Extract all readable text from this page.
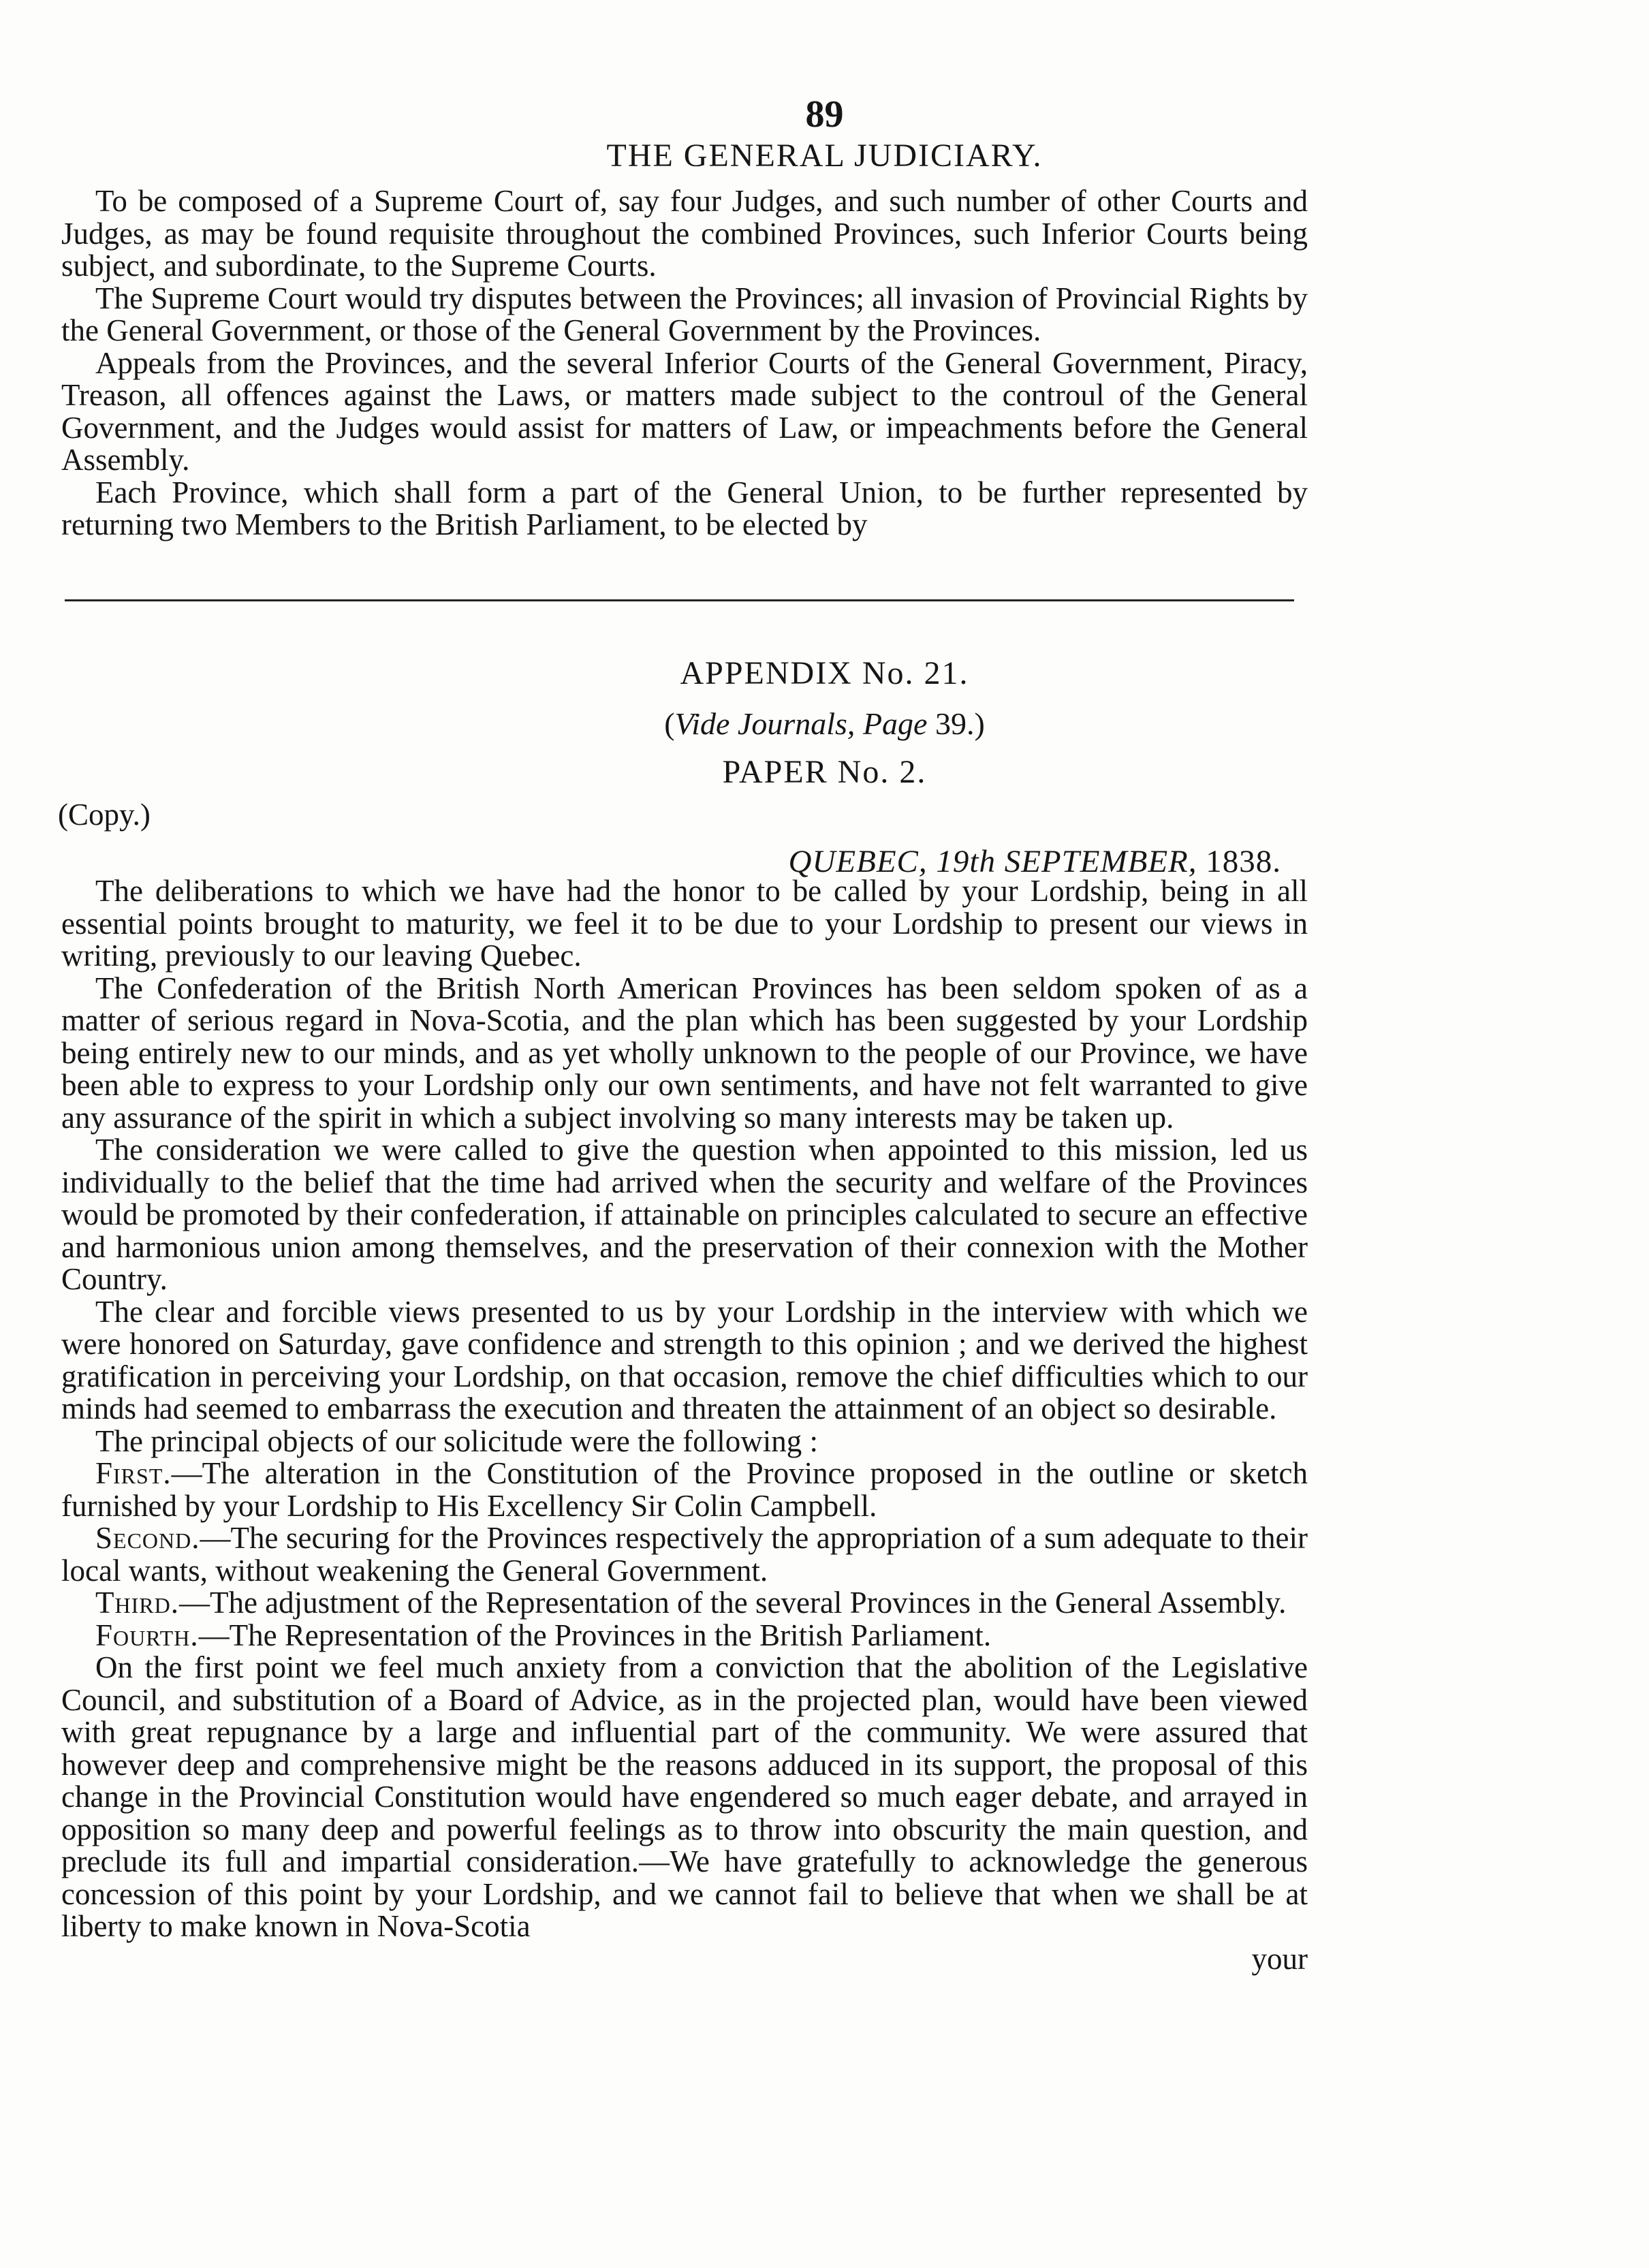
89
THE GENERAL JUDICIARY.

To be composed of a Supreme Court of, say four Judges, and such number of other Courts and Judges, as may be found requisite throughout the combined Provinces, such Inferior Courts being subject, and subordinate, to the Supreme Courts.

The Supreme Court would try disputes between the Provinces; all invasion of Provincial Rights by the General Government, or those of the General Government by the Provinces.

Appeals from the Provinces, and the several Inferior Courts of the General Government, Piracy, Treason, all offences against the Laws, or matters made subject to the controul of the General Government, and the Judges would assist for matters of Law, or impeachments before the General Assembly.

Each Province, which shall form a part of the General Union, to be further represented by returning two Members to the British Parliament, to be elected by

APPENDIX No. 21.
(Vide Journals, Page 39.)
PAPER No. 2.
(Copy.)
QUEBEC, 19th SEPTEMBER, 1838.

The deliberations to which we have had the honor to be called by your Lordship, being in all essential points brought to maturity, we feel it to be due to your Lordship to present our views in writing, previously to our leaving Quebec.

The Confederation of the British North American Provinces has been seldom spoken of as a matter of serious regard in Nova-Scotia, and the plan which has been suggested by your Lordship being entirely new to our minds, and as yet wholly unknown to the people of our Province, we have been able to express to your Lordship only our own sentiments, and have not felt warranted to give any assurance of the spirit in which a subject involving so many interests may be taken up.

The consideration we were called to give the question when appointed to this mission, led us individually to the belief that the time had arrived when the security and welfare of the Provinces would be promoted by their confederation, if attainable on principles calculated to secure an effective and harmonious union among themselves, and the preservation of their connexion with the Mother Country.

The clear and forcible views presented to us by your Lordship in the interview with which we were honored on Saturday, gave confidence and strength to this opinion ; and we derived the highest gratification in perceiving your Lordship, on that occasion, remove the chief difficulties which to our minds had seemed to embarrass the execution and threaten the attainment of an object so desirable.

The principal objects of our solicitude were the following :

First.—The alteration in the Constitution of the Province proposed in the outline or sketch furnished by your Lordship to His Excellency Sir Colin Campbell.

Second.—The securing for the Provinces respectively the appropriation of a sum adequate to their local wants, without weakening the General Government.

Third.—The adjustment of the Representation of the several Provinces in the General Assembly.

Fourth.—The Representation of the Provinces in the British Parliament.

On the first point we feel much anxiety from a conviction that the abolition of the Legislative Council, and substitution of a Board of Advice, as in the projected plan, would have been viewed with great repugnance by a large and influential part of the community. We were assured that however deep and comprehensive might be the reasons adduced in its support, the proposal of this change in the Provincial Constitution would have engendered so much eager debate, and arrayed in opposition so many deep and powerful feelings as to throw into obscurity the main question, and preclude its full and impartial consideration.—We have gratefully to acknowledge the generous concession of this point by your Lordship, and we cannot fail to believe that when we shall be at liberty to make known in Nova-Scotia

your
